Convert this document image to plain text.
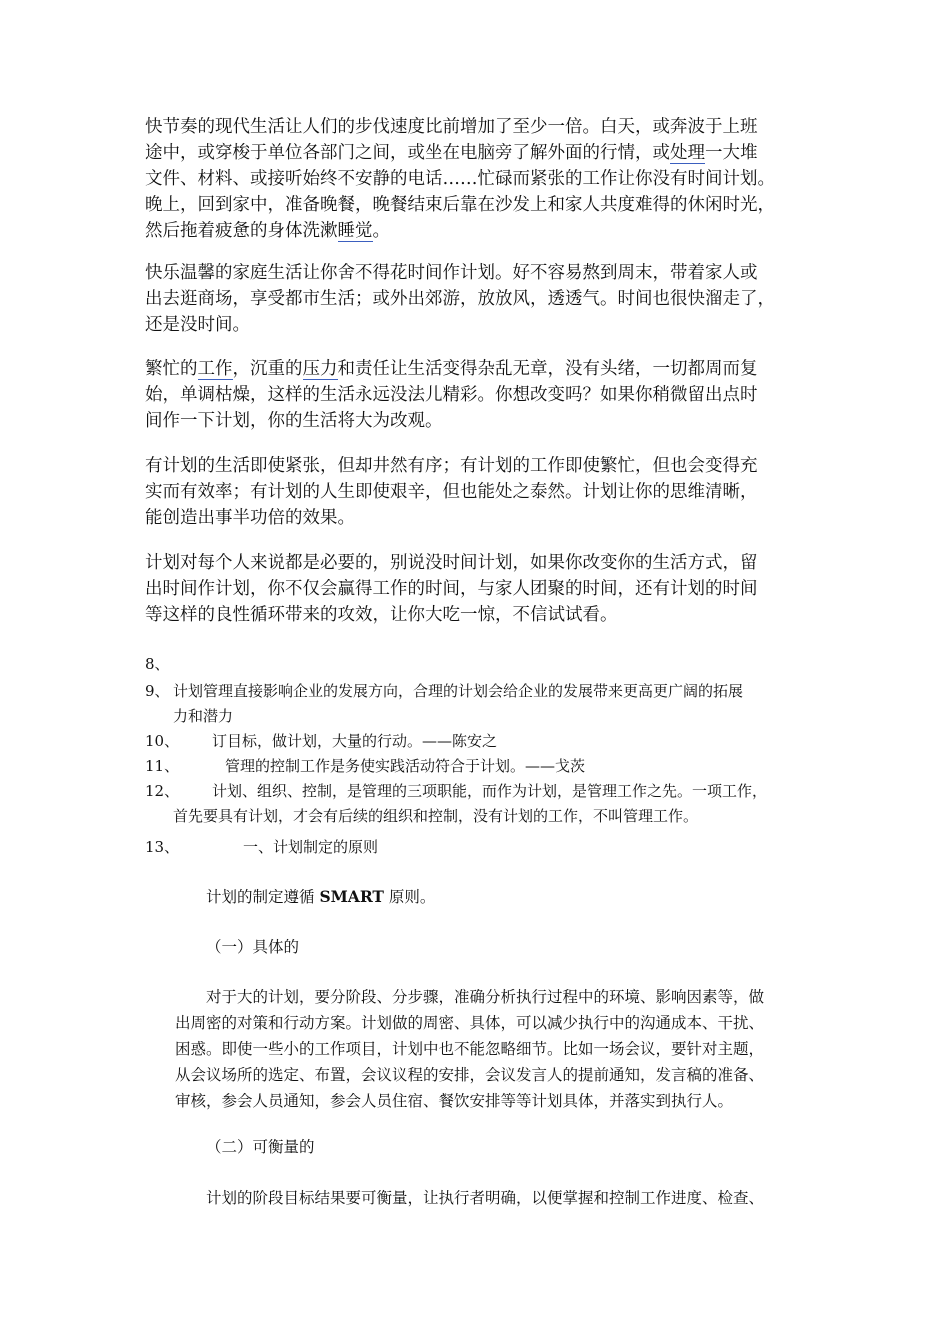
快节奏的现代生活让人们的步伐速度比前增加了至少一倍。白天，或奔波于上班
途中，或穿梭于单位各部门之间，或坐在电脑旁了解外面的行情，或处理一大堆
文件、材料、或接听始终不安静的电话……忙碌而紧张的工作让你没有时间计划。
晚上，回到家中，准备晚餐，晚餐结束后靠在沙发上和家人共度难得的休闲时光，
然后拖着疲惫的身体洗漱睡觉。

快乐温馨的家庭生活让你舍不得花时间作计划。好不容易熬到周末，带着家人或
出去逛商场，享受都市生活；或外出郊游，放放风，透透气。时间也很快溜走了，
还是没时间。

繁忙的工作，沉重的压力和责任让生活变得杂乱无章，没有头绪，一切都周而复
始，单调枯燥，这样的生活永远没法儿精彩。你想改变吗？如果你稍微留出点时
间作一下计划，你的生活将大为改观。

有计划的生活即使紧张，但却井然有序；有计划的工作即使繁忙，但也会变得充
实而有效率；有计划的人生即使艰辛，但也能处之泰然。计划让你的思维清晰，
能创造出事半功倍的效果。

计划对每个人来说都是必要的，别说没时间计划，如果你改变你的生活方式，留
出时间作计划，你不仅会赢得工作的时间，与家人团聚的时间，还有计划的时间
等这样的良性循环带来的攻效，让你大吃一惊，不信试试看。

8、
9、 计划管理直接影响企业的发展方向，合理的计划会给企业的发展带来更高更广阔的拓展
力和潜力
10、 订目标，做计划，大量的行动。——陈安之
11、	管理的控制工作是务使实践活动符合于计划。——戈茨
12、 计划、组织、控制，是管理的三项职能，而作为计划，是管理工作之先。一项工作，
首先要具有计划，才会有后续的组织和控制，没有计划的工作，不叫管理工作。
13、	一、计划制定的原则
计划的制定遵循 SMART 原则。
（一）具体的
对于大的计划，要分阶段、分步骤，准确分析执行过程中的环境、影响因素等，做
出周密的对策和行动方案。计划做的周密、具体，可以减少执行中的沟通成本、干扰、
困惑。即使一些小的工作项目，计划中也不能忽略细节。比如一场会议，要针对主题，
从会议场所的选定、布置，会议议程的安排，会议发言人的提前通知，发言稿的准备、
审核，参会人员通知，参会人员住宿、餐饮安排等等计划具体，并落实到执行人。
（二）可衡量的
计划的阶段目标结果要可衡量，让执行者明确，以便掌握和控制工作进度、检查、
